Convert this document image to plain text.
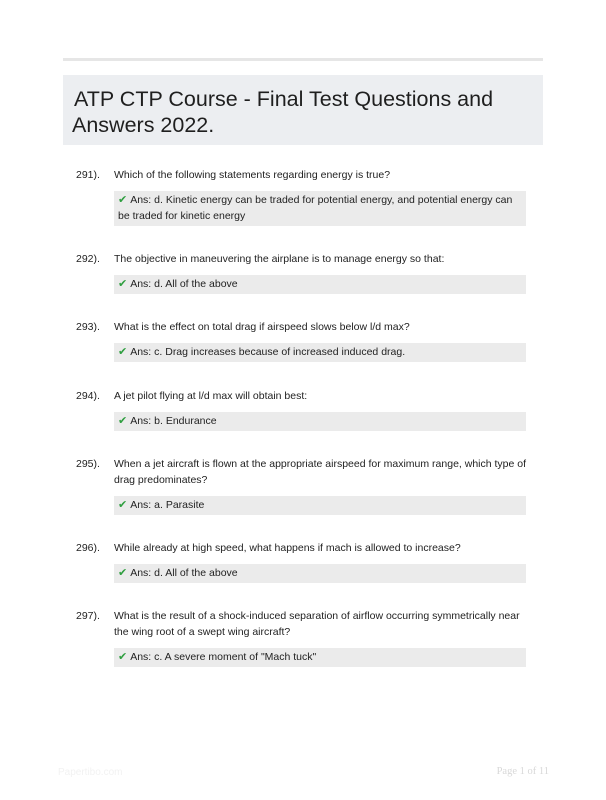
ATP CTP Course - Final Test Questions and
Answers 2022.
291).	Which of the following statements regarding energy is true?
✔ Ans: d. Kinetic energy can be traded for potential energy, and potential energy can be traded for kinetic energy
292).	The objective in maneuvering the airplane is to manage energy so that:
✔ Ans: d. All of the above
293).	What is the effect on total drag if airspeed slows below l/d max?
✔ Ans: c. Drag increases because of increased induced drag.
294).	A jet pilot flying at l/d max will obtain best:
✔ Ans: b. Endurance
295).	When a jet aircraft is flown at the appropriate airspeed for maximum range, which type of drag predominates?
✔ Ans: a. Parasite
296).	While already at high speed, what happens if mach is allowed to increase?
✔ Ans: d. All of the above
297).	What is the result of a shock-induced separation of airflow occurring symmetrically near the wing root of a swept wing aircraft?
✔ Ans: c. A severe moment of "Mach tuck"
Papertibo.com	Page 1 of 11
